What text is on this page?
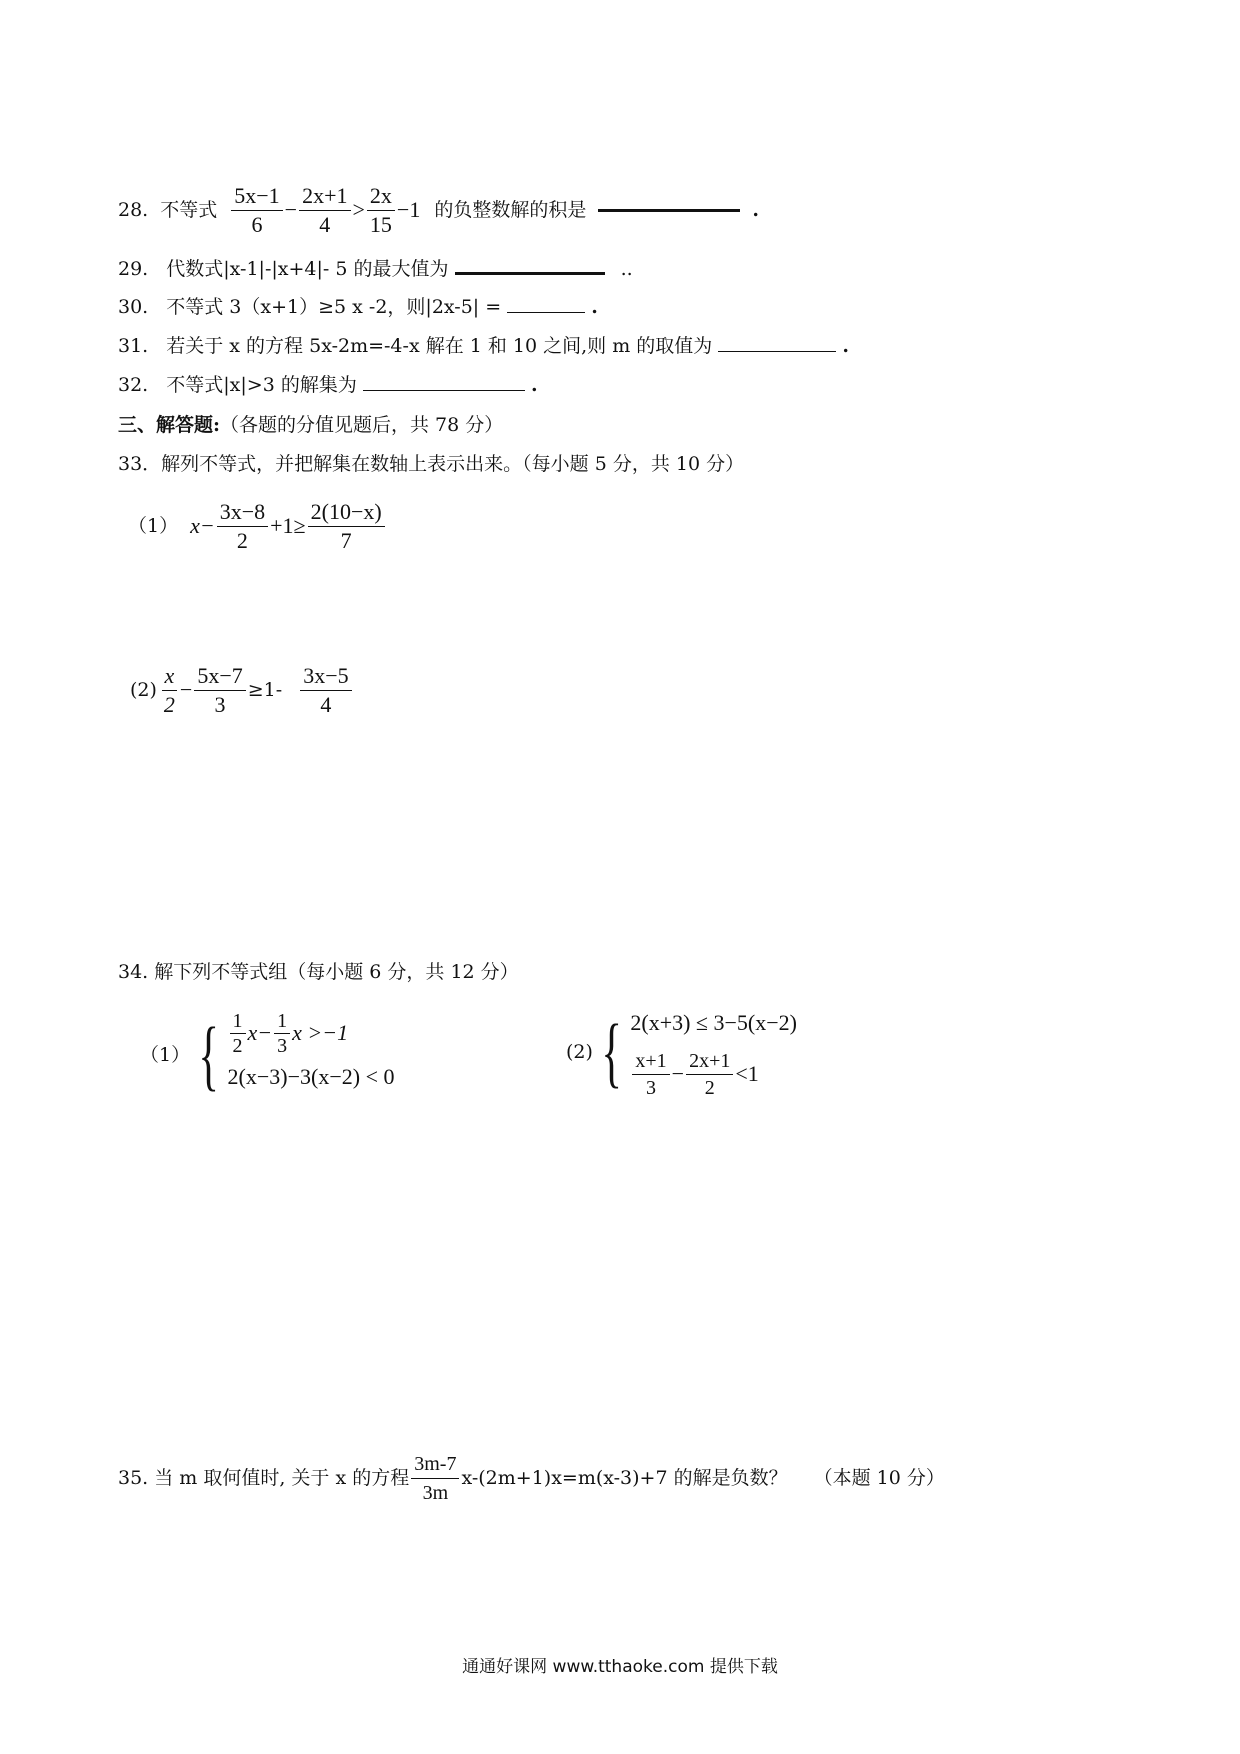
28. 不等式 $\frac{5x-1}{6} - \frac{2x+1}{4} > \frac{2x}{15} -1$ 的负整数解的积是	.
29. 代数式|x-1|-|x+4|- 5 的最大值为	..
30. 不等式 3（x+1）≥5 x -2，则|2x-5| =	.
31. 若关于 x 的方程 5x-2m=-4-x 解在 1 和 10 之间,则 m 的取值为	.
32. 不等式|x|>3 的解集为	.
三、解答题:（各题的分值见题后，共 78 分）
33．解列不等式，并把解集在数轴上表示出来。（每小题 5 分，共 10 分）
（1） $x- \frac{3x-8}{2} +1\ge \frac{2(10-x)}{7}$
$(2) \frac{x}{2} - \frac{5x-7}{3} \ge 1- \frac{3x-5}{4}$
34. 解下列不等式组（每小题 6 分，共 12 分）
（1） { $\frac{1}{2} x- \frac{1}{3}$ x >−1
2(x−3)−3(x−2) < 0
(2) { 2(x+3) ≤ 3−5(x−2)
$\frac{x+1}{3} - \frac{2x+1}{2} <1$
35. 当 m 取何值时, 关于 x 的方程 $\frac{3m-7}{3m} x-(2m+1)x=m(x-3)+7$ 的解是负数？ （本题 10 分）
通通好课网 www.tthaoke.com 提供下载
